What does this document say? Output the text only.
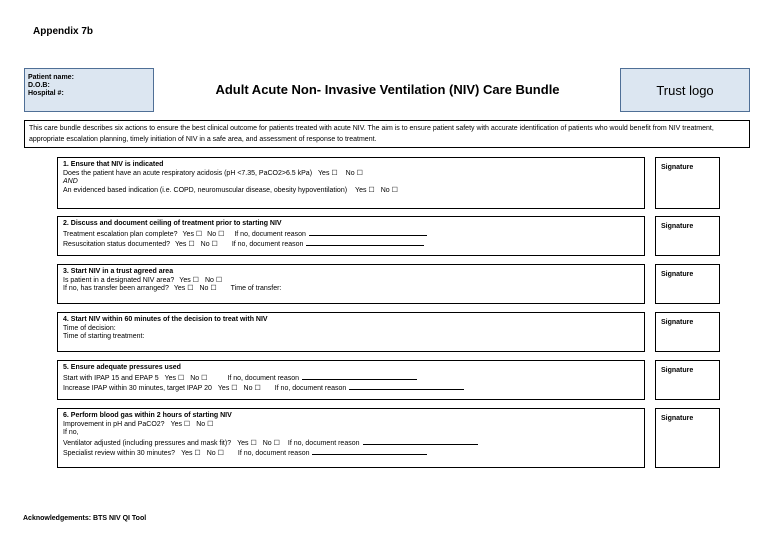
Appendix 7b
Patient name:
D.O.B:
Hospital #:	Adult Acute Non- Invasive Ventilation (NIV) Care Bundle	Trust logo
This care bundle describes six actions to ensure the best clinical outcome for patients treated with acute NIV. The aim is to ensure patient safety with accurate identification of patients who would benefit from NIV treatment, appropriate escalation planning, timely initiation of NIV in a safe area, and assessment of response to treatment.
1. Ensure that NIV is indicated
Does the patient have an acute respiratory acidosis (pH <7.35, PaCO2>6.5 kPa) Yes ☐ No ☐
AND
An evidenced based indication (i.e. COPD, neuromuscular disease, obesity hypoventilation) Yes ☐ No ☐
Signature
2. Discuss and document ceiling of treatment prior to starting NIV
Treatment escalation plan complete? Yes ☐ No ☐ If no, document reason
Resuscitation status documented? Yes ☐ No ☐ If no, document reason
Signature
3. Start NIV in a trust agreed area
Is patient in a designated NIV area? Yes ☐ No ☐
If no, has transfer been arranged? Yes ☐ No ☐ Time of transfer:
Signature
4. Start NIV within 60 minutes of the decision to treat with NIV
Time of decision:
Time of starting treatment:
Signature
5. Ensure adequate pressures used
Start with IPAP 15 and EPAP 5 Yes ☐ No ☐	If no, document reason
Increase IPAP within 30 minutes, target IPAP 20 Yes ☐ No ☐ If no, document reason
Signature
6. Perform blood gas within 2 hours of starting NIV
Improvement in pH and PaCO2? Yes ☐ No ☐
If no,
Ventilator adjusted (including pressures and mask fit)? Yes ☐ No ☐ If no, document reason
Specialist review within 30 minutes? Yes ☐ No ☐ If no, document reason
Signature
Acknowledgements: BTS NIV QI Tool
